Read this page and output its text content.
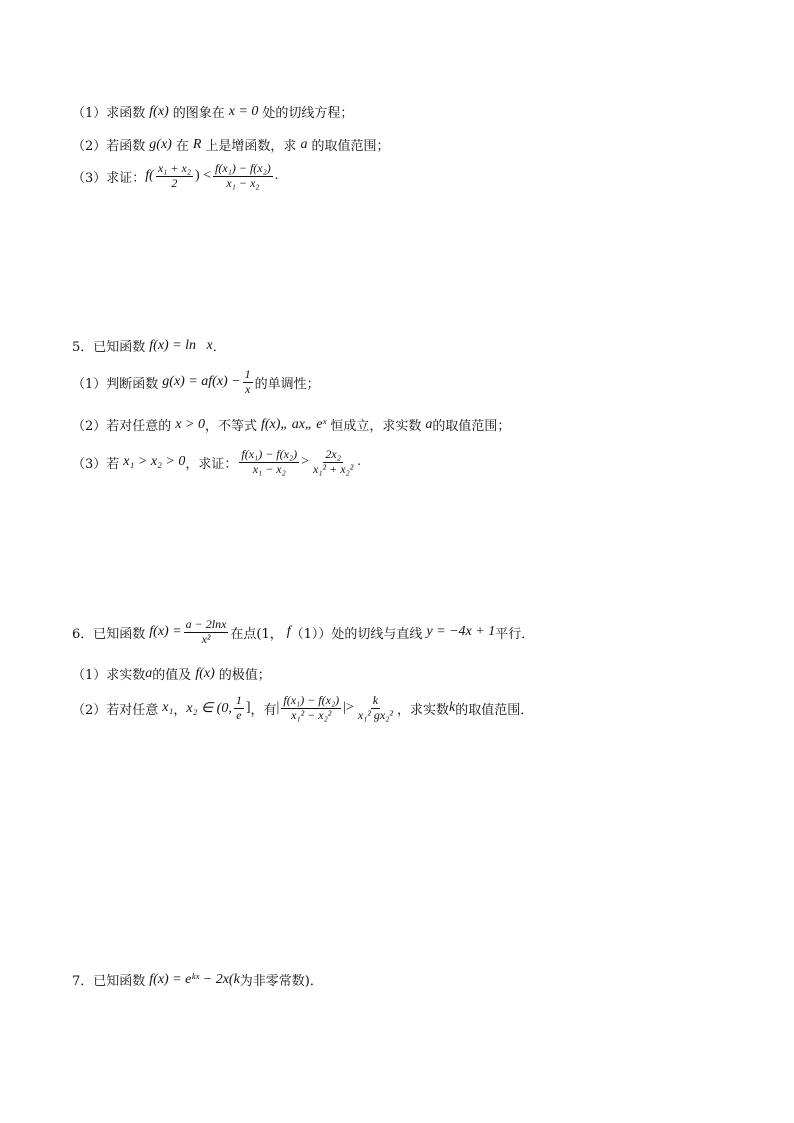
（1） 求函数 f(x) 的图象在 x = 0 处的切线方程；
（2） 若函数 g(x) 在 R 上是增函数，求 a 的取值范围；
（3） 求证： $f( \frac{\text{x₁ + x₂}}{2}$ ) < $\frac{\text{f(x₁) − f(x₂)}}{\text{x₁ − x₂}}$ .
5．已知函数 f(x) = ln   x ．
（1） 判断函数 $g(x) = af(x) - \frac{1}{x}$ 的单调性；
（2） 若对任意的 x > 0 ，不等式 f(x)„ ax„ eˣ 恒成立，求实数 a 的取值范围；
（3） 若 x₁ > x₂ > 0 ，求证： $\frac{\text{f(x₁) − f(x₂)}}{\text{x₁ − x₂}} > \frac{\text{2x₂}}{\text{x₁² + x₂²}}$ .
6．已知函数 $f(x) = \frac{a - 2\ln x}{\text{x²}}$ 在点(1， f （1））处的切线与直线 y = −4x + 1 平行．
（1） 求实数 a 的值及 f(x) 的极值；
（2） 若对任意 x₁ ， x₂ ∈ (0, $\frac{1}{e}$ ] ，有 | $\frac{\text{f(x₁) − f(x₂)}}{\text{x₁² − x₂²}}$ |> $\frac{k}{\text{x₁² gx₂²}}$ ，求实数 k 的取值范围．
7．已知函数 f(x) = eᵏˣ − 2x(k 为非零常数)．
